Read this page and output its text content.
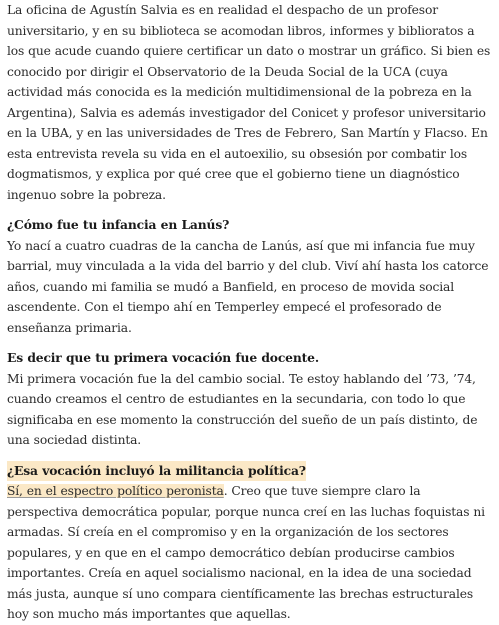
La oficina de Agustín Salvia es en realidad el despacho de un profesor universitario, y en su biblioteca se acomodan libros, informes y biblioratos a los que acude cuando quiere certificar un dato o mostrar un gráfico. Si bien es conocido por dirigir el Observatorio de la Deuda Social de la UCA (cuya actividad más conocida es la medición multidimensional de la pobreza en la Argentina), Salvia es además investigador del Conicet y profesor universitario en la UBA, y en las universidades de Tres de Febrero, San Martín y Flacso. En esta entrevista revela su vida en el autoexilio, su obsesión por combatir los dogmatismos, y explica por qué cree que el gobierno tiene un diagnóstico ingenuo sobre la pobreza.

¿Cómo fue tu infancia en Lanús?

Yo nací a cuatro cuadras de la cancha de Lanús, así que mi infancia fue muy barrial, muy vinculada a la vida del barrio y del club. Viví ahí hasta los catorce años, cuando mi familia se mudó a Banfield, en proceso de movida social ascendente. Con el tiempo ahí en Temperley empecé el profesorado de enseñanza primaria.

Es decir que tu primera vocación fue docente.

Mi primera vocación fue la del cambio social. Te estoy hablando del ’73, ’74, cuando creamos el centro de estudiantes en la secundaria, con todo lo que significaba en ese momento la construcción del sueño de un país distinto, de una sociedad distinta.

¿Esa vocación incluyó la militancia política?

Sí, en el espectro político peronista. Creo que tuve siempre claro la perspectiva democrática popular, porque nunca creí en las luchas foquistas ni armadas. Sí creía en el compromiso y en la organización de los sectores populares, y en que en el campo democrático debían producirse cambios importantes. Creía en aquel socialismo nacional, en la idea de una sociedad más justa, aunque sí uno compara científicamente las brechas estructurales hoy son mucho más importantes que aquellas.
